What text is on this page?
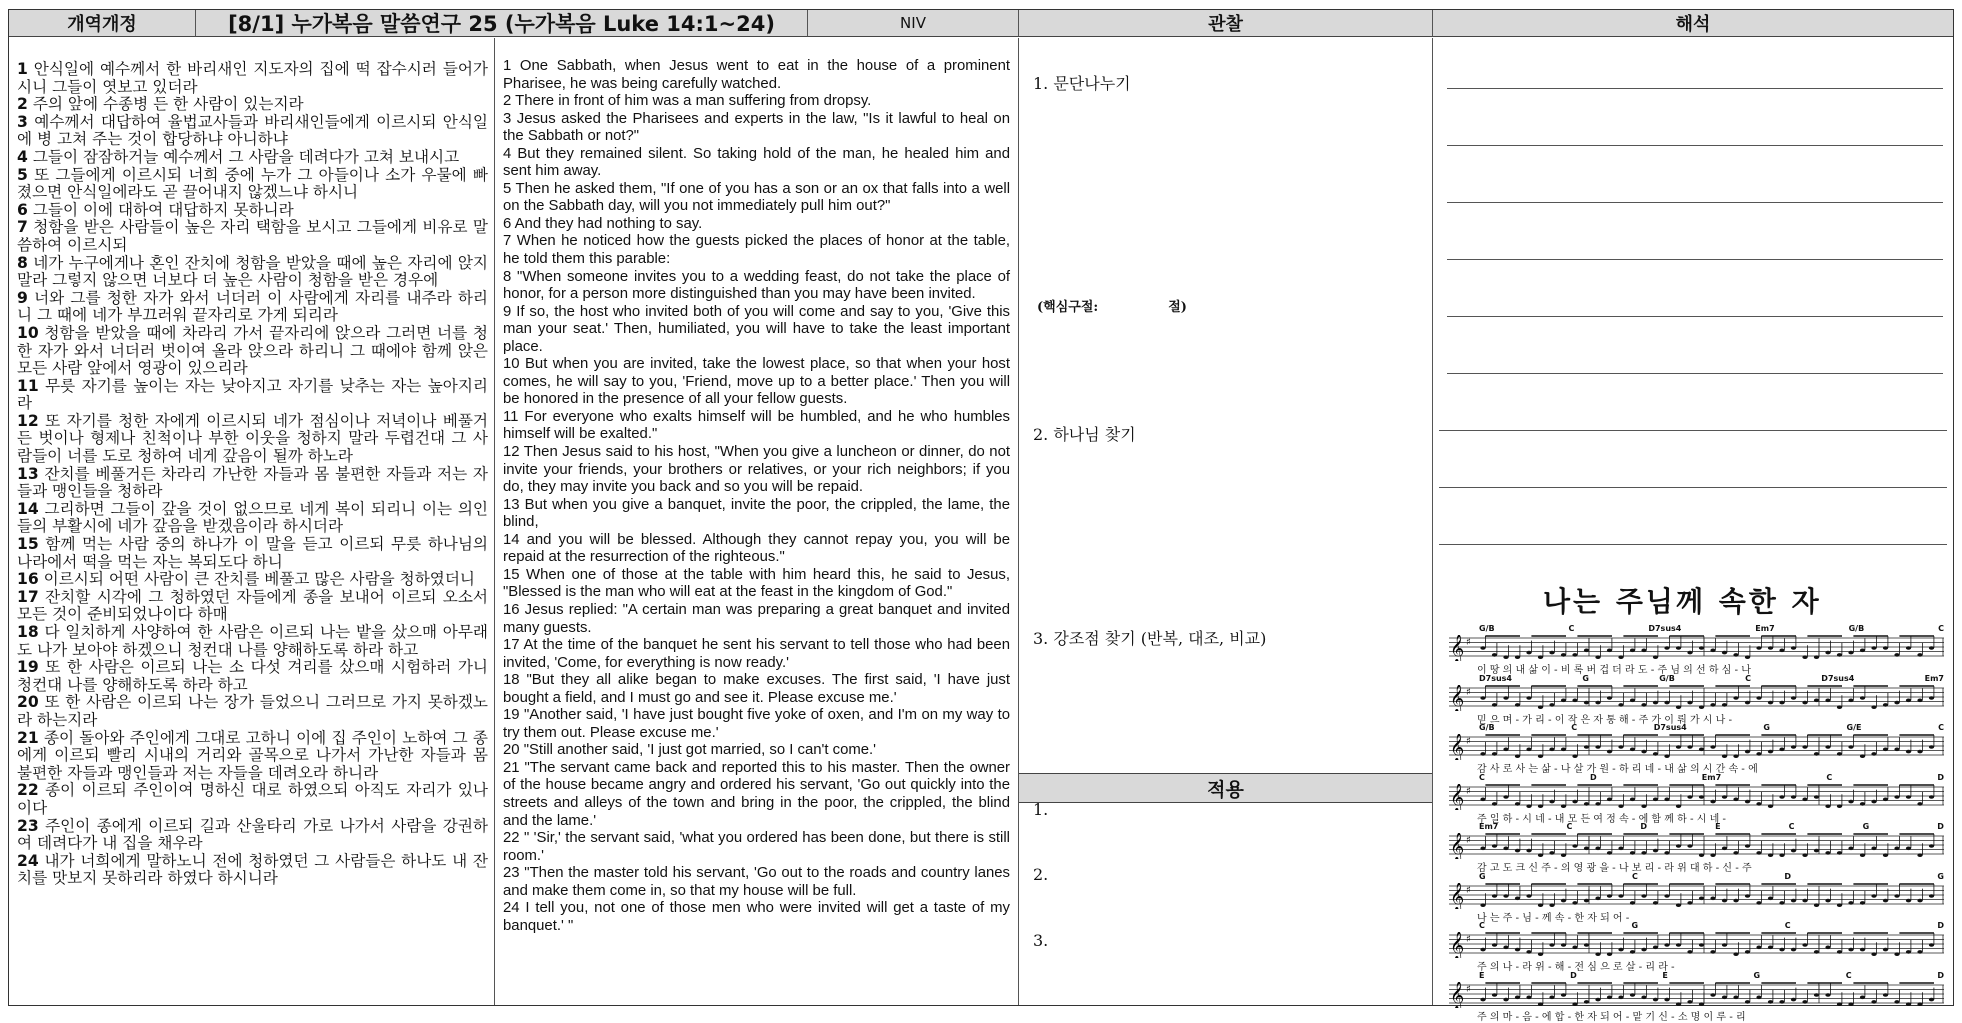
개역개정	[8/1] 누가복음 말씀연구 25 (누가복음 Luke 14:1~24)	NIV	관찰	해석

1 안식일에 예수께서 한 바리새인 지도자의 집에 떡 잡수시러 들어가시니 그들이 엿보고 있더라

2 주의 앞에 수종병 든 한 사람이 있는지라

3 예수께서 대답하여 율법교사들과 바리새인들에게 이르시되 안식일에 병 고쳐 주는 것이 합당하냐 아니하냐

4 그들이 잠잠하거늘 예수께서 그 사람을 데려다가 고쳐 보내시고

5 또 그들에게 이르시되 너희 중에 누가 그 아들이나 소가 우물에 빠졌으면 안식일에라도 곧 끌어내지 않겠느냐 하시니

6 그들이 이에 대하여 대답하지 못하니라

7 청함을 받은 사람들이 높은 자리 택함을 보시고 그들에게 비유로 말씀하여 이르시되

8 네가 누구에게나 혼인 잔치에 청함을 받았을 때에 높은 자리에 앉지 말라 그렇지 않으면 너보다 더 높은 사람이 청함을 받은 경우에

9 너와 그를 청한 자가 와서 너더러 이 사람에게 자리를 내주라 하리니 그 때에 네가 부끄러워 끝자리로 가게 되리라

10 청함을 받았을 때에 차라리 가서 끝자리에 앉으라 그러면 너를 청한 자가 와서 너더러 벗이여 올라 앉으라 하리니 그 때에야 함께 앉은 모든 사람 앞에서 영광이 있으리라

11 무릇 자기를 높이는 자는 낮아지고 자기를 낮추는 자는 높아지리라

12 또 자기를 청한 자에게 이르시되 네가 점심이나 저녁이나 베풀거든 벗이나 형제나 친척이나 부한 이웃을 청하지 말라 두렵건대 그 사람들이 너를 도로 청하여 네게 갚음이 될까 하노라

13 잔치를 베풀거든 차라리 가난한 자들과 몸 불편한 자들과 저는 자들과 맹인들을 청하라

14 그리하면 그들이 갚을 것이 없으므로 네게 복이 되리니 이는 의인들의 부활시에 네가 갚음을 받겠음이라 하시더라

15 함께 먹는 사람 중의 하나가 이 말을 듣고 이르되 무릇 하나님의 나라에서 떡을 먹는 자는 복되도다 하니

16 이르시되 어떤 사람이 큰 잔치를 베풀고 많은 사람을 청하였더니

17 잔치할 시각에 그 청하였던 자들에게 종을 보내어 이르되 오소서 모든 것이 준비되었나이다 하매

18 다 일치하게 사양하여 한 사람은 이르되 나는 밭을 샀으매 아무래도 나가 보아야 하겠으니 청컨대 나를 양해하도록 하라 하고

19 또 한 사람은 이르되 나는 소 다섯 겨리를 샀으매 시험하러 가니 청컨대 나를 양해하도록 하라 하고

20 또 한 사람은 이르되 나는 장가 들었으니 그러므로 가지 못하겠노라 하는지라

21 종이 돌아와 주인에게 그대로 고하니 이에 집 주인이 노하여 그 종에게 이르되 빨리 시내의 거리와 골목으로 나가서 가난한 자들과 몸 불편한 자들과 맹인들과 저는 자들을 데려오라 하니라

22 종이 이르되 주인이여 명하신 대로 하였으되 아직도 자리가 있나이다

23 주인이 종에게 이르되 길과 산울타리 가로 나가서 사람을 강권하여 데려다가 내 집을 채우라

24 내가 너희에게 말하노니 전에 청하였던 그 사람들은 하나도 내 잔치를 맛보지 못하리라 하였다 하시니라

1 One Sabbath, when Jesus went to eat in the house of a prominent Pharisee, he was being carefully watched.

2 There in front of him was a man suffering from dropsy.

3 Jesus asked the Pharisees and experts in the law, "Is it lawful to heal on the Sabbath or not?"

4 But they remained silent. So taking hold of the man, he healed him and sent him away.

5 Then he asked them, "If one of you has a son or an ox that falls into a well on the Sabbath day, will you not immediately pull him out?"

6 And they had nothing to say.

7 When he noticed how the guests picked the places of honor at the table, he told them this parable:

8 "When someone invites you to a wedding feast, do not take the place of honor, for a person more distinguished than you may have been invited.

9 If so, the host who invited both of you will come and say to you, 'Give this man your seat.' Then, humiliated, you will have to take the least important place.

10 But when you are invited, take the lowest place, so that when your host comes, he will say to you, 'Friend, move up to a better place.' Then you will be honored in the presence of all your fellow guests.

11 For everyone who exalts himself will be humbled, and he who humbles himself will be exalted."

12 Then Jesus said to his host, "When you give a luncheon or dinner, do not invite your friends, your brothers or relatives, or your rich neighbors; if you do, they may invite you back and so you will be repaid.

13 But when you give a banquet, invite the poor, the crippled, the lame, the blind,

14 and you will be blessed. Although they cannot repay you, you will be repaid at the resurrection of the righteous."

15 When one of those at the table with him heard this, he said to Jesus, "Blessed is the man who will eat at the feast in the kingdom of God."

16 Jesus replied: "A certain man was preparing a great banquet and invited many guests.

17 At the time of the banquet he sent his servant to tell those who had been invited, 'Come, for everything is now ready.'

18 "But they all alike began to make excuses. The first said, 'I have just bought a field, and I must go and see it. Please excuse me.'

19 "Another said, 'I have just bought five yoke of oxen, and I'm on my way to try them out. Please excuse me.'

20 "Still another said, 'I just got married, so I can't come.'

21 "The servant came back and reported this to his master. Then the owner of the house became angry and ordered his servant, 'Go out quickly into the streets and alleys of the town and bring in the poor, the crippled, the blind and the lame.'

22 " 'Sir,' the servant said, 'what you ordered has been done, but there is still room.'

23 "Then the master told his servant, 'Go out to the roads and country lanes and make them come in, so that my house will be full.

24 I tell you, not one of those men who were invited will get a taste of my banquet.' "

1. 문단나누기
(핵심구절:	절)
2. 하나님 찾기
3. 강조점 찾기 (반복, 대조, 비교)
적용
1.
2.
3.
나는 주님께 속한 자
G/B	C	D7sus4	Em7	G/B	C
𝄞 ♯
이 땅 의 내 삶 이 - 비 록 버 겁 더 라 도 - 주 님 의 선 하 심 - 나
D7sus4	G	G/B	C	D7sus4	Em7
𝄞 ♯
믿 으 며 - 가 리 - 이 작 은 자 통 해 - 주 가 이 뤄 가 시 나 -
G/B	C	D7sus4	G	G/E	C
𝄞 ♯
감 사 로 사 는 삶 - 나 살 가 원 - 하 리 네 - 내 삶 의 시 간 속 - 에
C	D	Em7	C	D
𝄞 ♯
주 일 하 - 시 네 - 내 모 든 여 정 속 - 에 함 께 하 - 시 네 -
Em7	C	D	E	C	G	D
𝄞 ♯
감 고 도 크 신 주 - 의 영 광 을 - 나 보 리 - 라 위 대 하 - 신 - 주
G	C	D	G
𝄞 ♯
나 는 주 - 님 - 께 속 - 한 자 되 어 -
C	G	C	D
𝄞 ♯
주 의 나 - 라 위 - 해 - 전 심 으 로 살 - 리 라 -
E	D	E	G	C	D
𝄞 ♯
주 의 마 - 음 - 에 합 - 한 자 되 어 - 맡 기 신 - 소 명 이 루 - 리
